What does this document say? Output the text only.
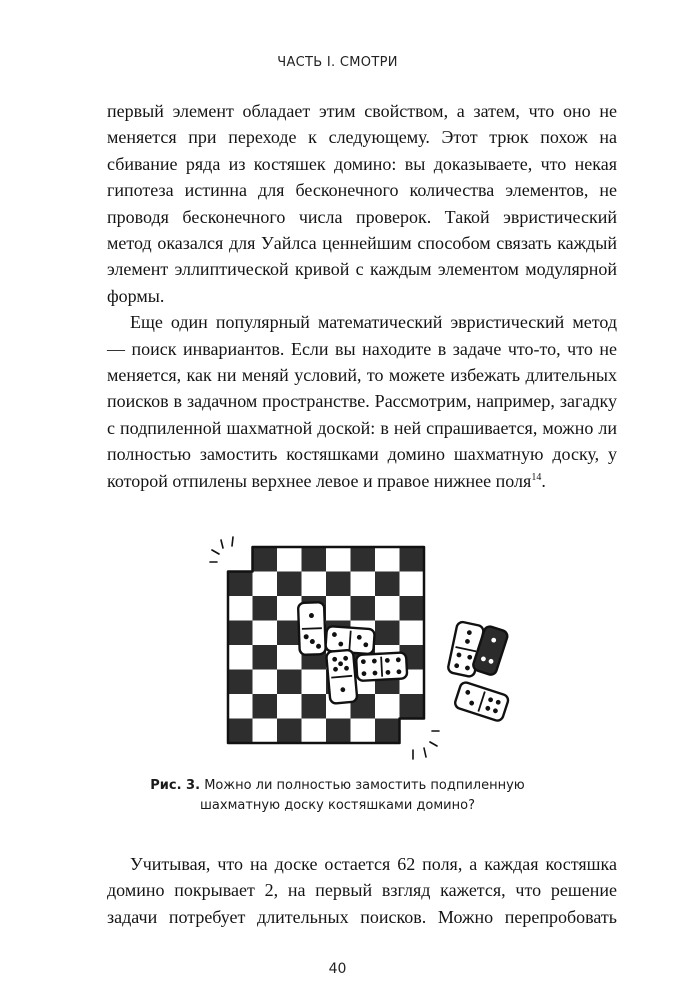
ЧАСТЬ I. СМОТРИ

первый элемент обладает этим свойством, а затем, что оно не меняется при переходе к следующему. Этот трюк похож на сбивание ряда из костяшек домино: вы доказываете, что некая гипотеза истинна для бесконечного количества элементов, не проводя бесконечного числа проверок. Такой эвристический метод оказался для Уайлса ценнейшим способом связать каждый элемент эллиптической кривой с каждым элементом модулярной формы.

Еще один популярный математический эвристический метод — поиск инвариантов. Если вы находите в задаче что-то, что не меняется, как ни меняй условий, то можете избежать длительных поисков в задачном пространстве. Рассмотрим, например, загадку с подпиленной шахматной доской: в ней спрашивается, можно ли полностью замостить костяшками домино шахматную доску, у которой отпилены верхнее левое и правое нижнее поля$^{14}$.

Рис. 3. Можно ли полностью замостить подпиленную шахматную доску костяшками домино?

Учитывая, что на доске остается 62 поля, а каждая костяшка домино покрывает 2, на первый взгляд кажется, что решение задачи потребует длительных поисков. Можно перепробовать

40
